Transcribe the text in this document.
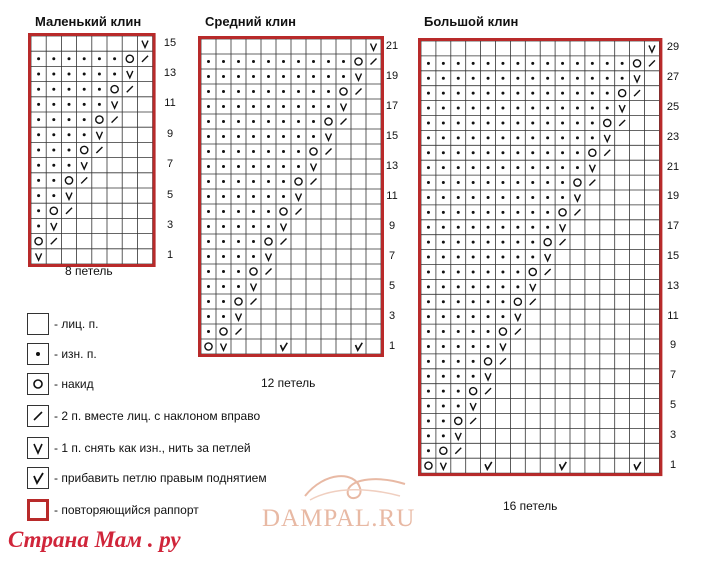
Маленький клин	Средний клин	Большой клин
8 петель
12 петель
16 петель
15
13
11
9
7
5
3
1
21
19
17
15
13
11
9
7
5
3
1
29
27
25
23
21
19
17
15
13
11
9
7
5
3
1
- лиц. п.
- изн. п.
- накид
- 2 п. вместе лиц. с наклоном вправо
- 1 п. снять как изн., нить за петлей
- прибавить петлю правым поднятием
- повторяющийся раппорт	DAMPAL.RU
Страна Мам . ру
